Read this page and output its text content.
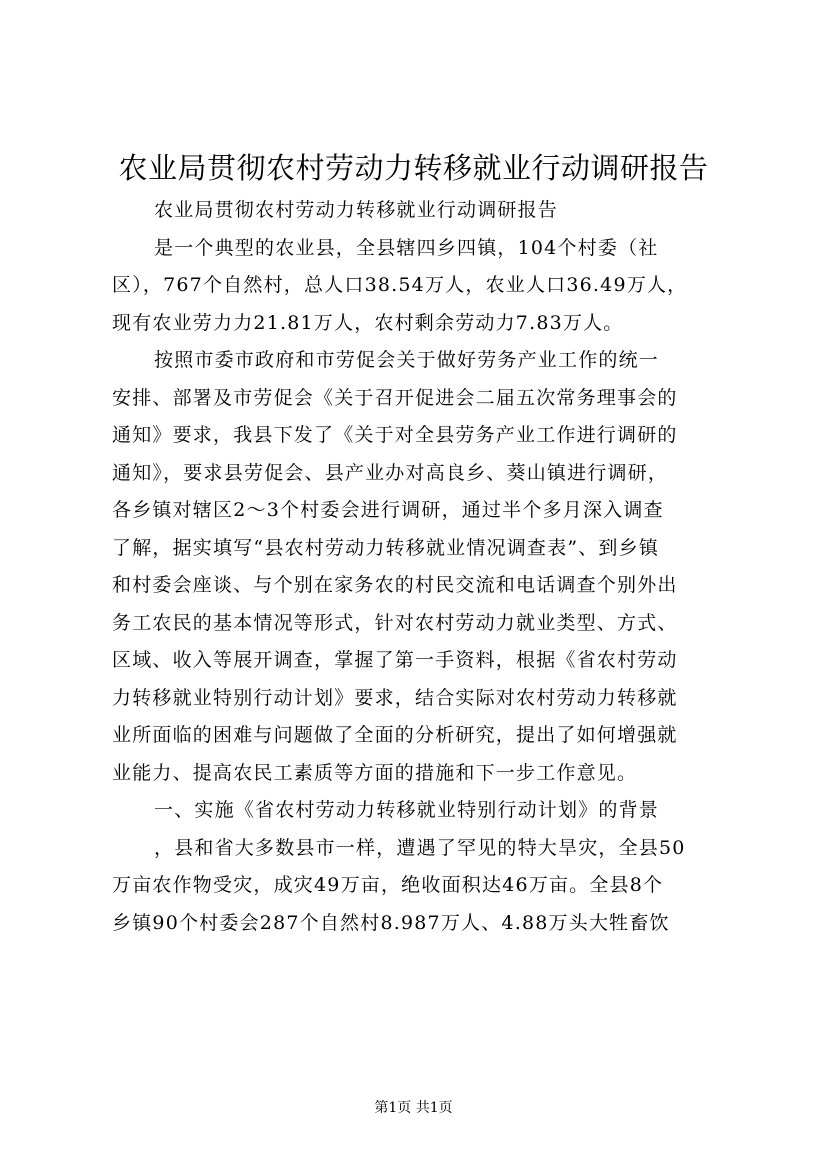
农业局贯彻农村劳动力转移就业行动调研报告
农业局贯彻农村劳动力转移就业行动调研报告
是一个典型的农业县，全县辖四乡四镇，104个村委（社
区），767个自然村，总人口38.54万人，农业人口36.49万人，
现有农业劳力力21.81万人，农村剩余劳动力7.83万人。
按照市委市政府和市劳促会关于做好劳务产业工作的统一
安排、部署及市劳促会《关于召开促进会二届五次常务理事会的
通知》要求，我县下发了《关于对全县劳务产业工作进行调研的
通知》，要求县劳促会、县产业办对高良乡、葵山镇进行调研，
各乡镇对辖区2～3个村委会进行调研，通过半个多月深入调查
了解，据实填写“县农村劳动力转移就业情况调查表”、到乡镇
和村委会座谈、与个别在家务农的村民交流和电话调查个别外出
务工农民的基本情况等形式，针对农村劳动力就业类型、方式、
区域、收入等展开调查，掌握了第一手资料，根据《省农村劳动
力转移就业特别行动计划》要求，结合实际对农村劳动力转移就
业所面临的困难与问题做了全面的分析研究，提出了如何增强就
业能力、提高农民工素质等方面的措施和下一步工作意见。
一、实施《省农村劳动力转移就业特别行动计划》的背景
，县和省大多数县市一样，遭遇了罕见的特大旱灾，全县50
万亩农作物受灾，成灾49万亩，绝收面积达46万亩。全县8个
乡镇90个村委会287个自然村8.987万人、4.88万头大牲畜饮
第1页 共1页
